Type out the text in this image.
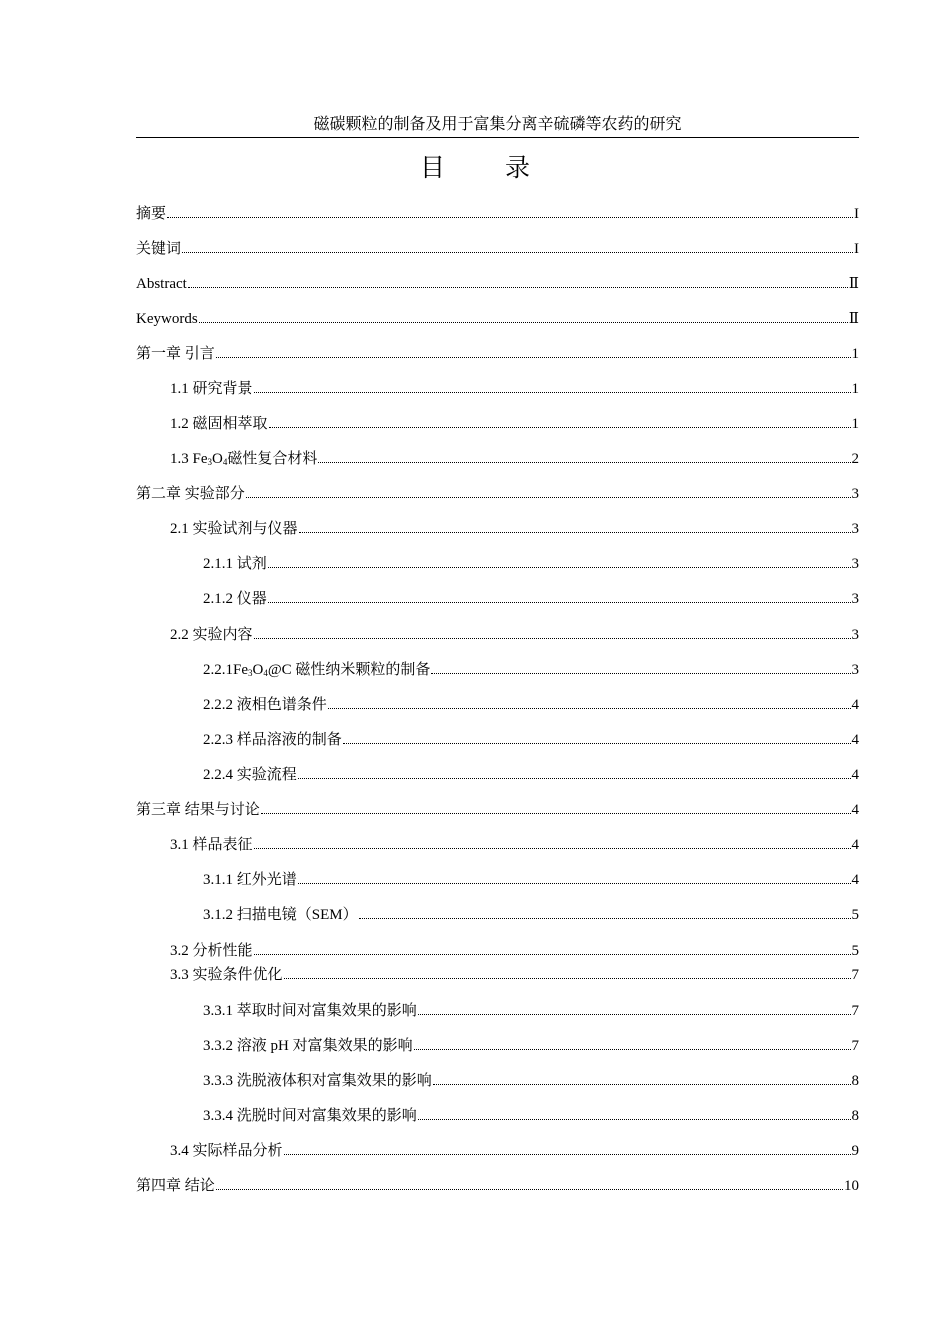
磁碳颗粒的制备及用于富集分离辛硫磷等农药的研究
目 录
摘要	I
关键词	I
Abstract	Ⅱ
Keywords	Ⅱ
第一章 引言	1
1.1 研究背景	1
1.2 磁固相萃取	1
1.3 $Fe_3O_4$磁性复合材料	2
第二章 实验部分	3
2.1 实验试剂与仪器	3
2.1.1 试剂	3
2.1.2 仪器	3
2.2 实验内容	3
$2.2.1Fe_3O_4@C$ 磁性纳米颗粒的制备	3
2.2.2 液相色谱条件	4
2.2.3 样品溶液的制备	4
2.2.4 实验流程	4
第三章 结果与讨论	4
3.1 样品表征	4
3.1.1 红外光谱	4
3.1.2 扫描电镜（SEM）	5
3.2 分析性能	5
3.3 实验条件优化	7
3.3.1 萃取时间对富集效果的影响	7
3.3.2 溶液 pH 对富集效果的影响	7
3.3.3 洗脱液体积对富集效果的影响	8
3.3.4 洗脱时间对富集效果的影响	8
3.4 实际样品分析	9
第四章 结论	10
